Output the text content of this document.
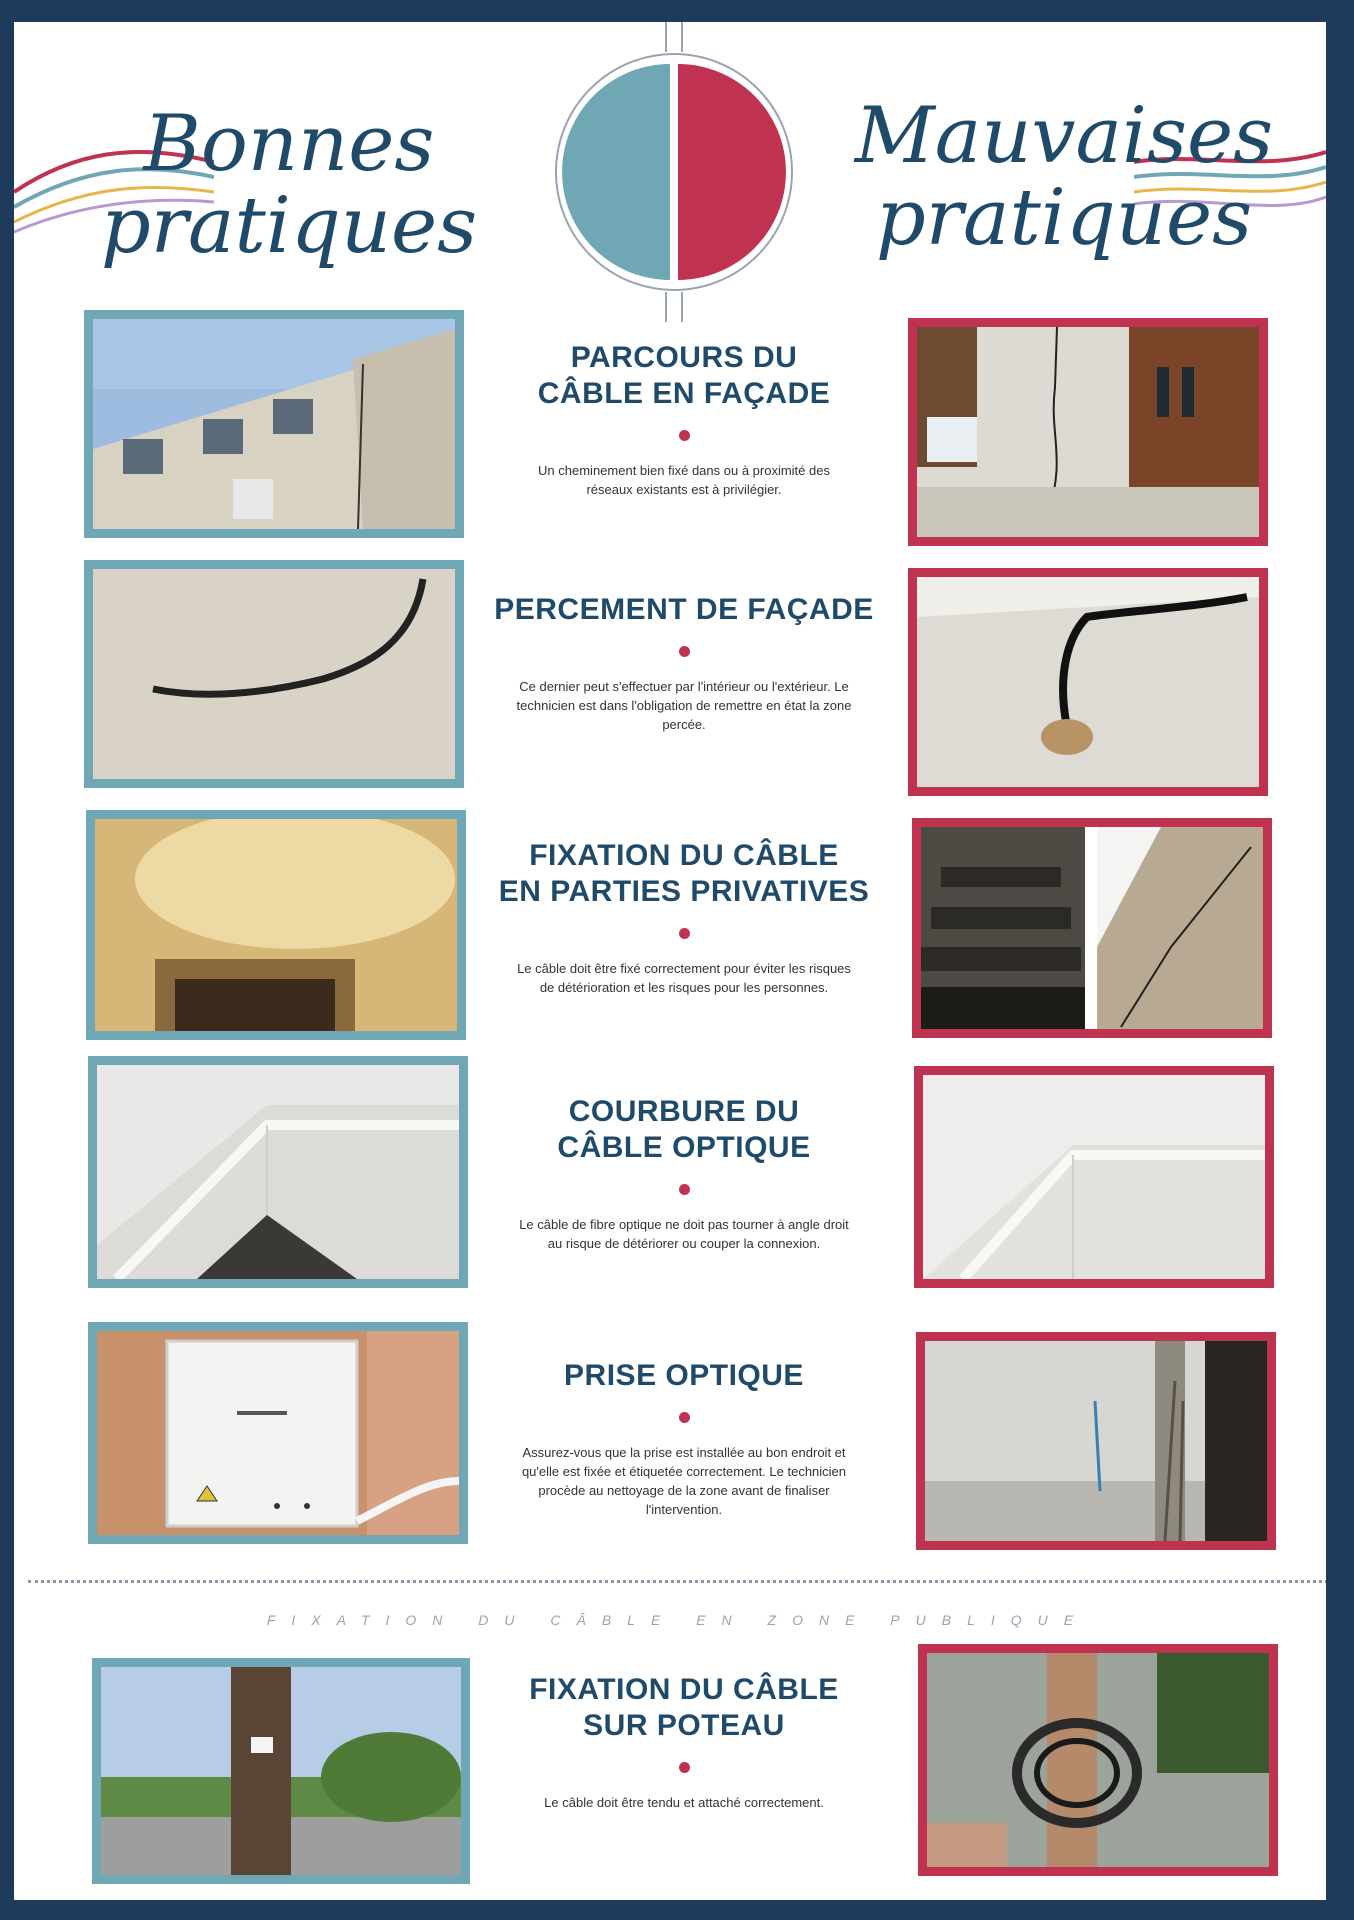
Bonnes
pratiques
Mauvaises
pratiques
PARCOURS DU
CÂBLE EN FAÇADE

Un cheminement bien fixé dans ou à proximité des réseaux existants est à privilégier.

PERCEMENT DE FAÇADE

Ce dernier peut s'effectuer par l'intérieur ou l'extérieur. Le technicien est dans l'obligation de remettre en état la zone percée.

FIXATION DU CÂBLE
EN PARTIES PRIVATIVES

Le câble doit être fixé correctement pour éviter les risques de détérioration et les risques pour les personnes.

COURBURE DU
CÂBLE OPTIQUE

Le câble de fibre optique ne doit pas tourner à angle droit au risque de détériorer ou couper la connexion.

PRISE OPTIQUE

Assurez-vous que la prise est installée au bon endroit et qu'elle est fixée et étiquetée correctement. Le technicien procède au nettoyage de la zone avant de finaliser l'intervention.

FIXATION DU CÂBLE EN ZONE PUBLIQUE
FIXATION DU CÂBLE
SUR POTEAU

Le câble doit être tendu et attaché correctement.
